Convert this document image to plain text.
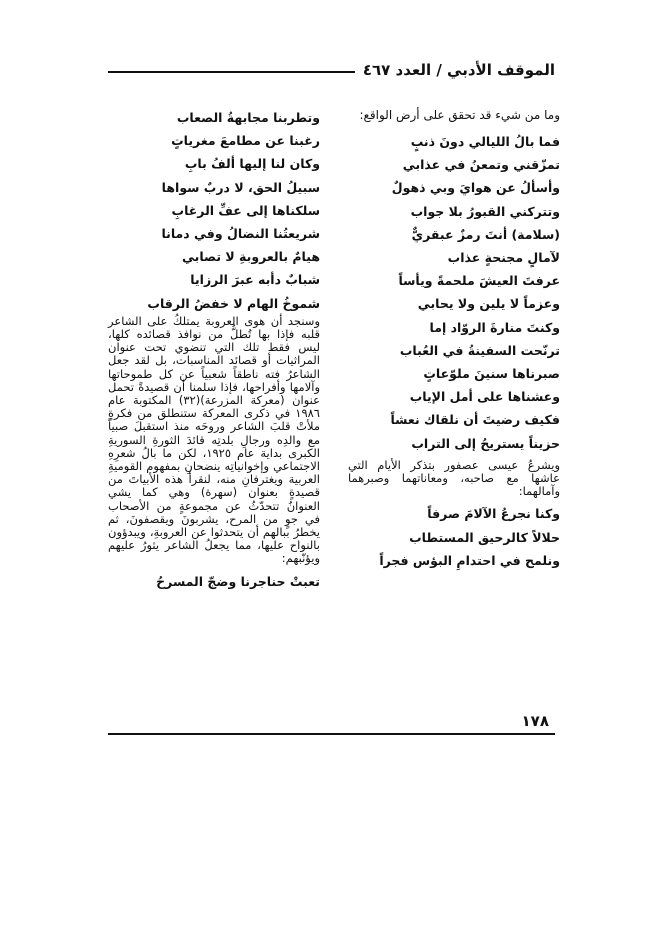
الموقف الأدبي / العدد ٤٦٧
وما من شيء قد تحقق على أرض الواقع:
فما بالُ الليالي دونَ ذنبٍ
تمزّقني وتمعنُ في عذابي
وأسألُ عن هوايَ وبي ذهولٌ
وتتركني القبورُ بلا جواب
(سلامة) أنتَ رمزٌ عبقريٌّ
لآمالٍ مجنحةٍ عذاب
عرفتَ العيشَ ملحمةً ويأساً
وعزماً لا يلين ولا يحابي
وكنتَ منارةَ الروّاد إما
ترنّحت السفينةُ في العُباب
صبرناها سنينَ ملوّعاتٍ
وعشناها على أمل الإياب
فكيف رضيتَ أن نلقاك نعشاً
حزيناً يستريحُ إلى التراب
ويشرعُ عيسى عصفور بتذكر الأيام التي عاشها مع صاحبه، ومعاناتهما وصبرهما وآمالهما:
وكنا نجرعُ الآلامَ صرفاً
حلالاً كالرحيق المستطاب
ونلمح في احتدامِ البؤس فجراً
وتطربنا مجابهةُ الصعاب
رغبنا عن مطامعَ مغرياتٍ
وكان لنا إليها ألفُ بابِ
سبيلُ الحق، لا دربٌ سواها
سلكناها إلى عفِّ الرغابِ
شريعتُنا النضالُ وفي دمانا
هيامٌ بالعروبةِ لا تصابي
شبابٌ دأبه عبرَ الرزايا
شموخُ الهام لا خفضُ الرقاب
وسنجد أن هوى العروبة يمتلكُ على الشاعر قلبه فإذا بها تُطلُّ من نوافذ قصائده كلها، ليس فقط تلك التي تنضوي تحت عنوان المراثيات أو قصائد المناسبات، بل لقد جعل الشاعرُ فته ناطقاً شعبياً عن كل طموحاتها وآلامها وأفراحها، فإذا سلمنا أن قصيدةً تحمل عنوان (معركة المزرعة)(٣٢) المكتوبة عام ١٩٨٦ في ذكرى المعركة ستنطلق من فكرةٍ ملأتْ قلبَ الشاعر وروحَه منذ استقبلَ صبياً مع والدِه ورجالِ بلدتِه قائدَ الثورةِ السوريةِ الكبرى بداية عام ١٩٢٥، لكن ما بالُ شعرِهِ الاجتماعي وإخوانياتِه ينضحانِ بمفهوم القوميةِ العربية ويغترفانِ منه، لنقرأ هذه الأبياتَ من قصيدةٍ بعنوان (سهرة) وهي كما يشي العنوانُ تتحدّثُ عن مجموعةٍ من الأصحاب في جوٍ من المرح، يشربونَ ويقصفونَ، ثم يخطرُ ببالهم أن يتحدثوا عن العروبةِ، ويبدؤون بالنواح عليها، مما يجعلُ الشاعر يثورُ عليهم ويؤنّبهم:
تعبتْ حناجرنا وضجّ المسرحُ
١٧٨
